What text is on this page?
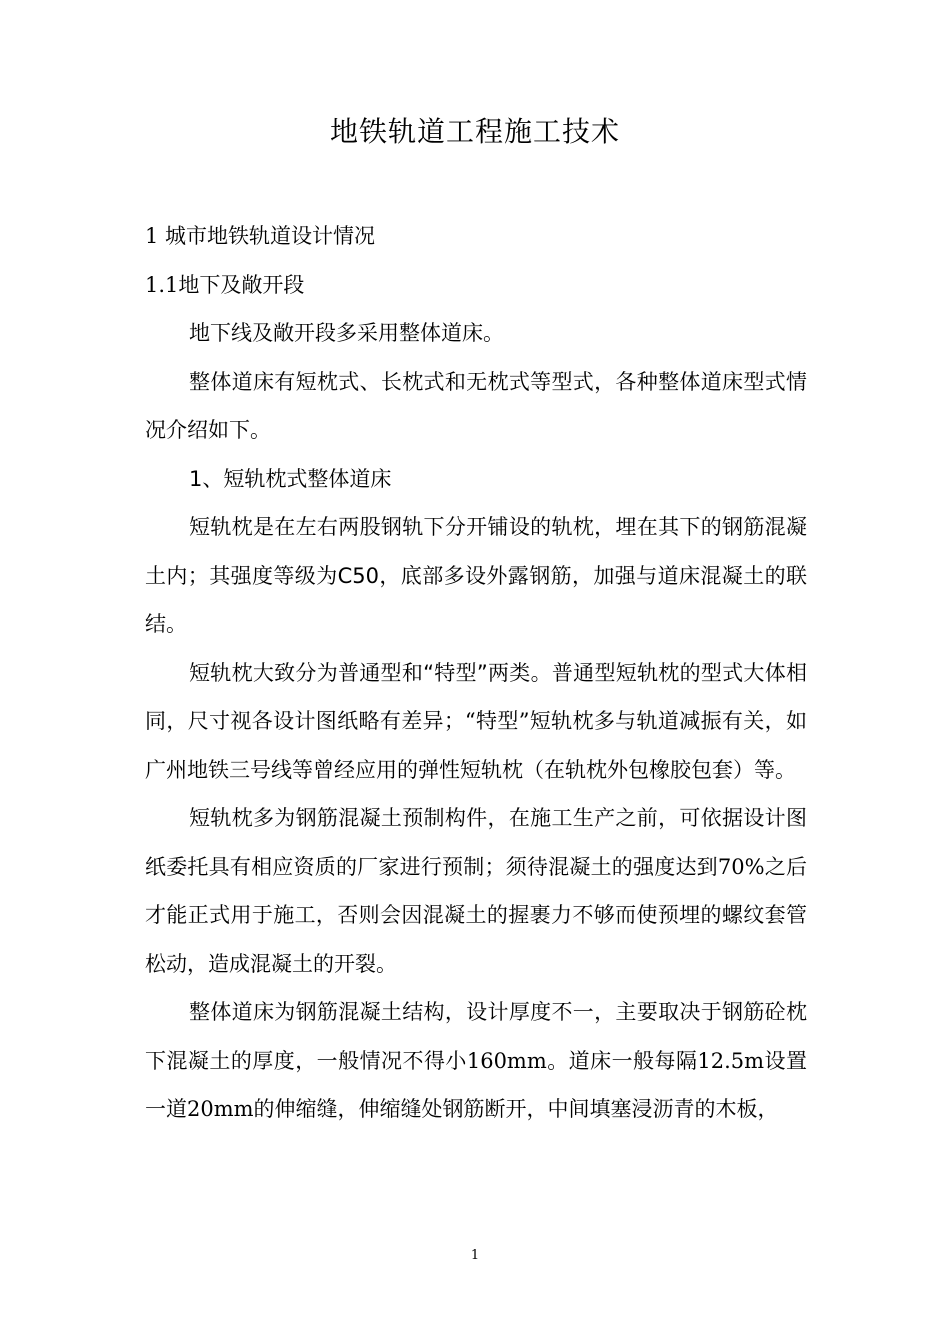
地铁轨道工程施工技术

1 城市地铁轨道设计情况

1.1地下及敞开段

地下线及敞开段多采用整体道床。

整体道床有短枕式、长枕式和无枕式等型式，各种整体道床型式情况介绍如下。

1、短轨枕式整体道床

短轨枕是在左右两股钢轨下分开铺设的轨枕，埋在其下的钢筋混凝土内；其强度等级为C50，底部多设外露钢筋，加强与道床混凝土的联结。

短轨枕大致分为普通型和“特型”两类。普通型短轨枕的型式大体相同，尺寸视各设计图纸略有差异；“特型”短轨枕多与轨道减振有关，如广州地铁三号线等曾经应用的弹性短轨枕（在轨枕外包橡胶包套）等。

短轨枕多为钢筋混凝土预制构件，在施工生产之前，可依据设计图纸委托具有相应资质的厂家进行预制；须待混凝土的强度达到70%之后才能正式用于施工，否则会因混凝土的握裹力不够而使预埋的螺纹套管松动，造成混凝土的开裂。

整体道床为钢筋混凝土结构，设计厚度不一，主要取决于钢筋砼枕下混凝土的厚度，一般情况不得小160mm。道床一般每隔12.5m设置一道20mm的伸缩缝，伸缩缝处钢筋断开，中间填塞浸沥青的木板，

1
